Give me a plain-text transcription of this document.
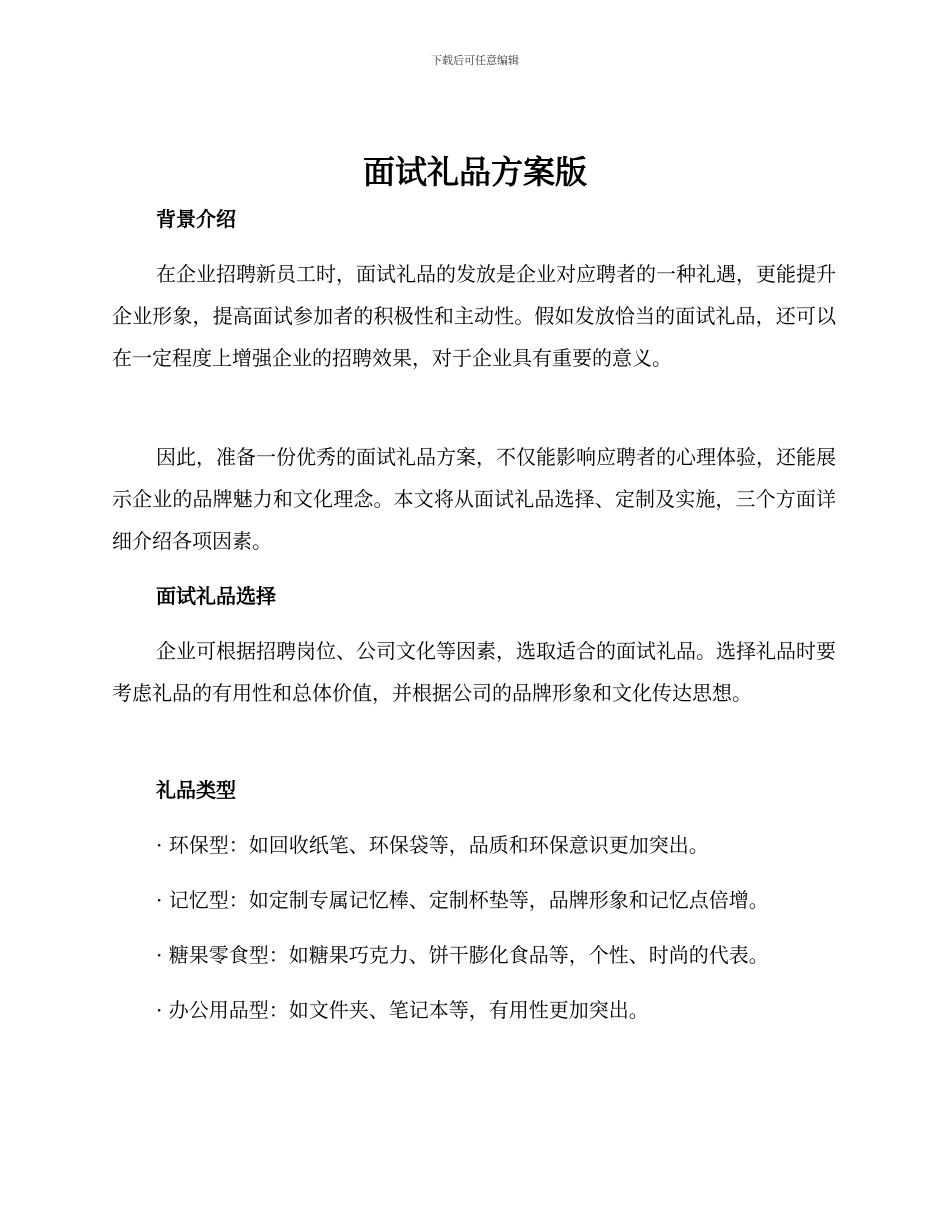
下载后可任意编辑
面试礼品方案版
背景介绍

在企业招聘新员工时，面试礼品的发放是企业对应聘者的一种礼遇，更能提升企业形象，提高面试参加者的积极性和主动性。假如发放恰当的面试礼品，还可以在一定程度上增强企业的招聘效果，对于企业具有重要的意义。

因此，准备一份优秀的面试礼品方案，不仅能影响应聘者的心理体验，还能展示企业的品牌魅力和文化理念。本文将从面试礼品选择、定制及实施，三个方面详细介绍各项因素。

面试礼品选择

企业可根据招聘岗位、公司文化等因素，选取适合的面试礼品。选择礼品时要考虑礼品的有用性和总体价值，并根据公司的品牌形象和文化传达思想。

礼品类型

· 环保型：如回收纸笔、环保袋等，品质和环保意识更加突出。

· 记忆型：如定制专属记忆棒、定制杯垫等，品牌形象和记忆点倍增。

· 糖果零食型：如糖果巧克力、饼干膨化食品等，个性、时尚的代表。

· 办公用品型：如文件夹、笔记本等，有用性更加突出。
